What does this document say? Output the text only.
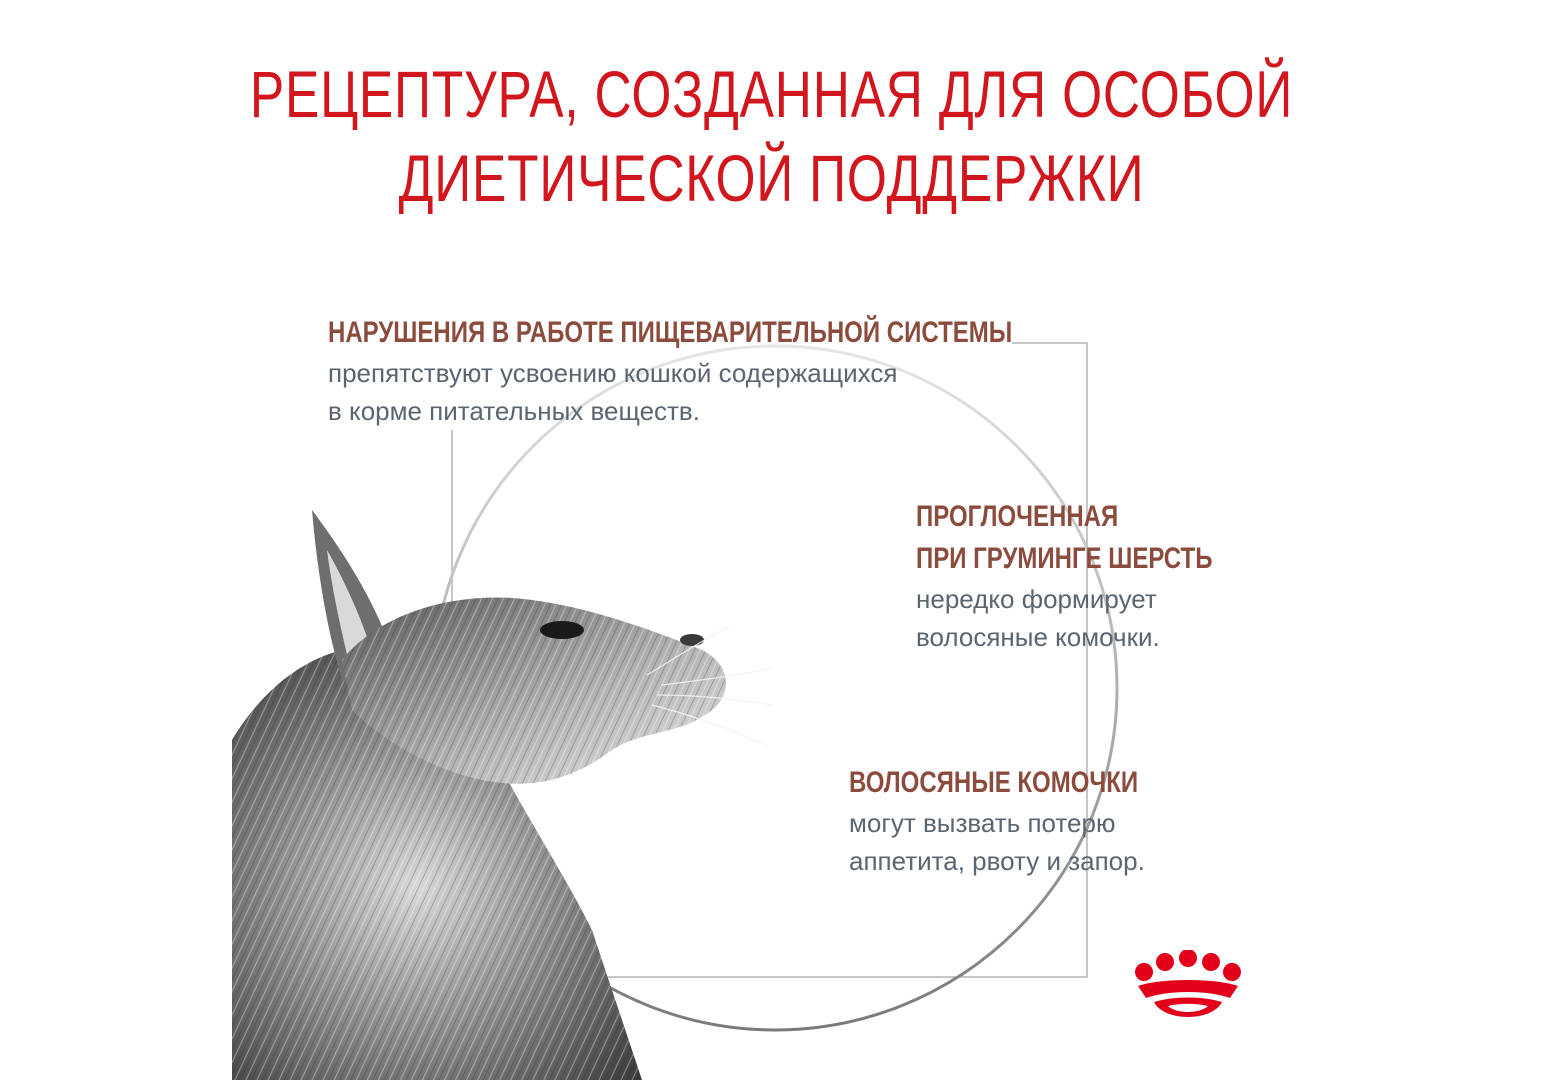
РЕЦЕПТУРА, СОЗДАННАЯ ДЛЯ ОСОБОЙ
ДИЕТИЧЕСКОЙ ПОДДЕРЖКИ
НАРУШЕНИЯ В РАБОТЕ ПИЩЕВАРИТЕЛЬНОЙ СИСТЕМЫ
препятствуют усвоению кошкой содержащихся
в корме питательных веществ.
ПРОГЛОЧЕННАЯ
ПРИ ГРУМИНГЕ ШЕРСТЬ
нередко формирует
волосяные комочки.
ВОЛОСЯНЫЕ КОМОЧКИ
могут вызвать потерю
аппетита, рвоту и запор.
